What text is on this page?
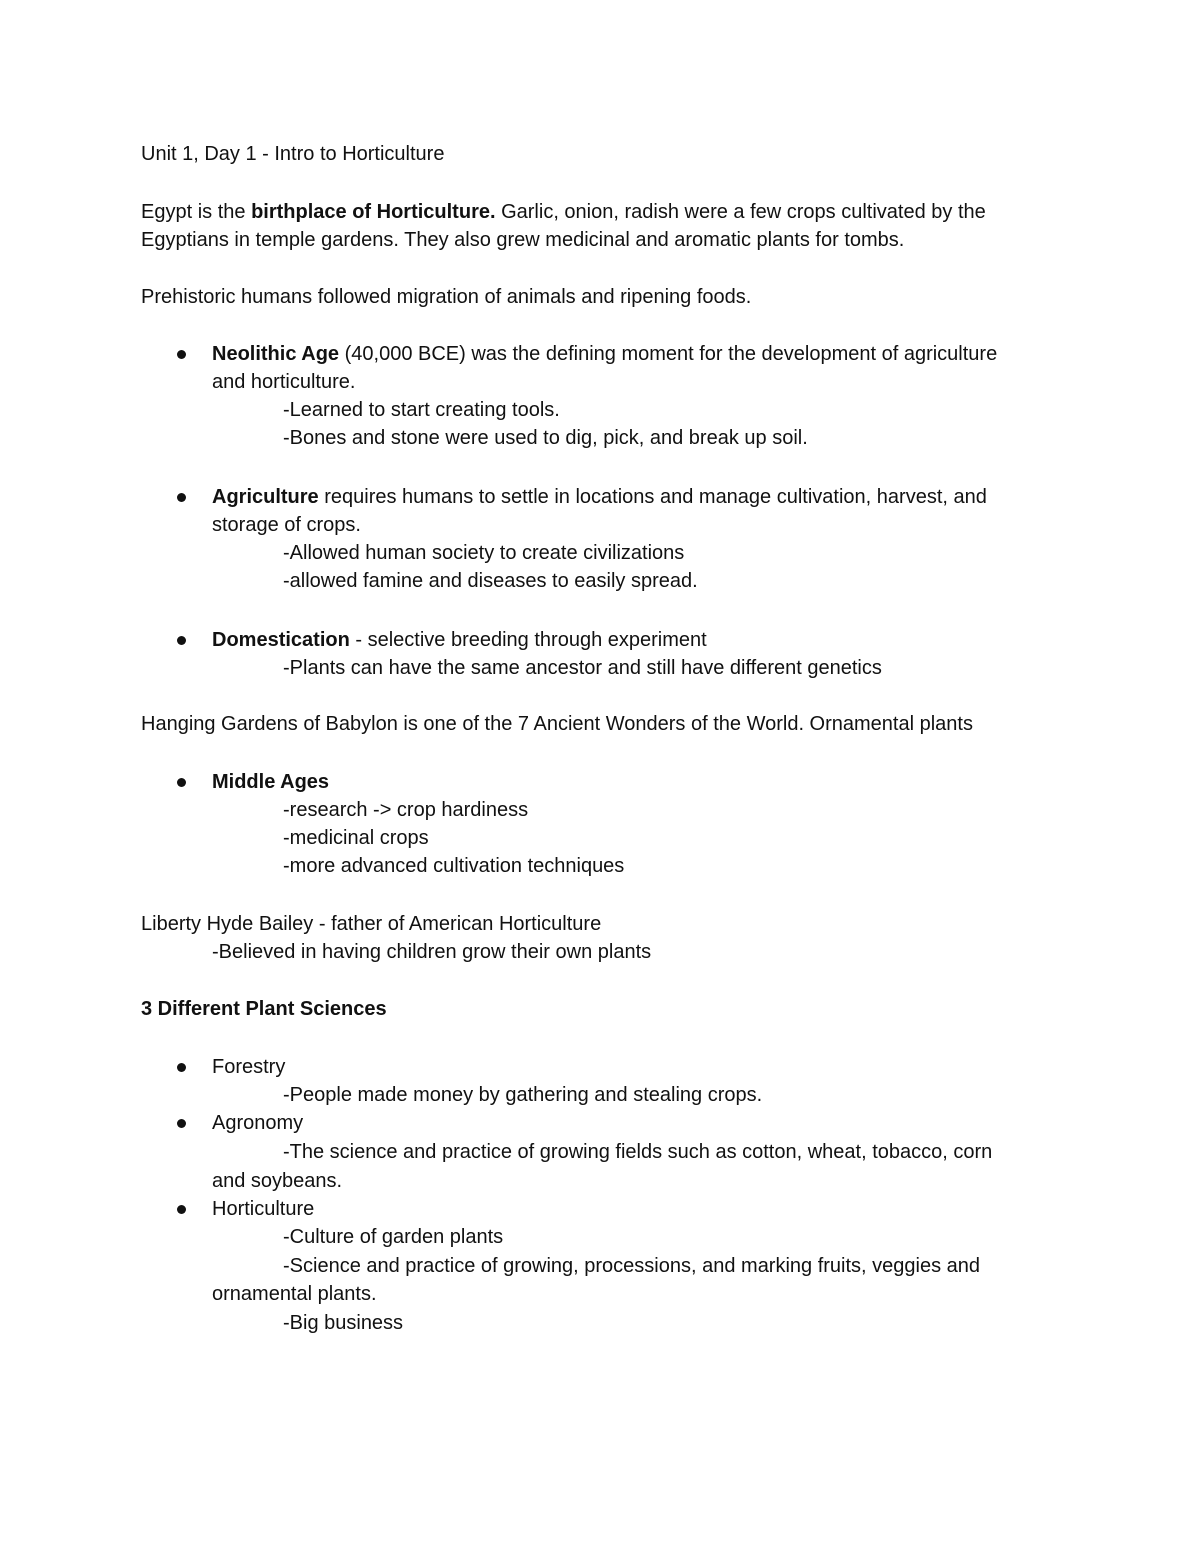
Unit 1, Day 1 - Intro to Horticulture
Egypt is the birthplace of Horticulture. Garlic, onion, radish were a few crops cultivated by the
Egyptians in temple gardens. They also grew medicinal and aromatic plants for tombs.
Prehistoric humans followed migration of animals and ripening foods.
Neolithic Age (40,000 BCE) was the defining moment for the development of agriculture
and horticulture.
-Learned to start creating tools.
-Bones and stone were used to dig, pick, and break up soil.
Agriculture requires humans to settle in locations and manage cultivation, harvest, and
storage of crops.
-Allowed human society to create civilizations
-allowed famine and diseases to easily spread.
Domestication - selective breeding through experiment
-Plants can have the same ancestor and still have different genetics
Hanging Gardens of Babylon is one of the 7 Ancient Wonders of the World. Ornamental plants
Middle Ages
-research -> crop hardiness
-medicinal crops
-more advanced cultivation techniques
Liberty Hyde Bailey - father of American Horticulture
-Believed in having children grow their own plants
3 Different Plant Sciences
Forestry
-People made money by gathering and stealing crops.
Agronomy
-The science and practice of growing fields such as cotton, wheat, tobacco, corn
and soybeans.
Horticulture
-Culture of garden plants
-Science and practice of growing, processions, and marking fruits, veggies and
ornamental plants.
-Big business
